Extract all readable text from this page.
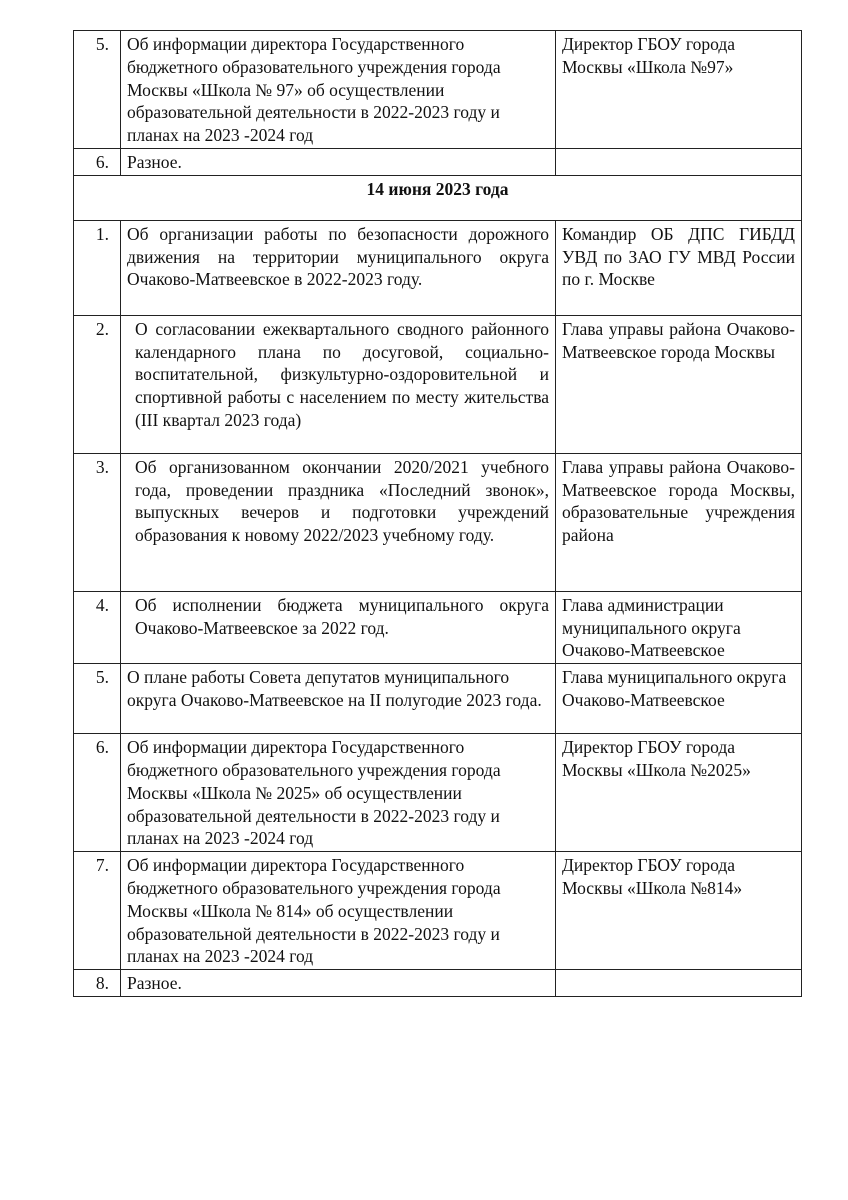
5.	Об информации директора Государственного бюджетного образовательного учреждения города Москвы «Школа № 97» об осуществлении образовательной деятельности в 2022-2023 году и планах на 2023 -2024 год	Директор ГБОУ города Москвы «Школа №97»
6.	Разное.	
14 июня 2023 года		
1.	Об организации работы по безопасности дорожного движения на территории муниципального округа Очаково-Матвеевское в 2022-2023 году.	Командир ОБ ДПС ГИБДД УВД по ЗАО ГУ МВД России по г. Москве
2.	О согласовании ежеквартального сводного районного календарного плана по досуговой, социально-воспитательной, физкультурно-оздоровительной и спортивной работы с населением по месту жительства (III квартал 2023 года)	Глава управы района Очаково-Матвеевское города Москвы
3.	Об организованном окончании 2020/2021 учебного года, проведении праздника «Последний звонок», выпускных вечеров и подготовки учреждений образования к новому 2022/2023 учебному году.	Глава управы района Очаково-Матвеевское города Москвы, образовательные учреждения района
4.	Об исполнении бюджета муниципального округа Очаково-Матвеевское за 2022 год.	Глава администрации муниципального округа Очаково-Матвеевское
5.	О плане работы Совета депутатов муниципального округа Очаково-Матвеевское на II полугодие 2023 года.	Глава муниципального округа Очаково-Матвеевское
6.	Об информации директора Государственного бюджетного образовательного учреждения города Москвы «Школа № 2025» об осуществлении образовательной деятельности в 2022-2023 году и планах на 2023 -2024 год	Директор ГБОУ города Москвы «Школа №2025»
7.	Об информации директора Государственного бюджетного образовательного учреждения города Москвы «Школа № 814» об осуществлении образовательной деятельности в 2022-2023 году и планах на 2023 -2024 год	Директор ГБОУ города Москвы «Школа №814»
8.	Разное.	
